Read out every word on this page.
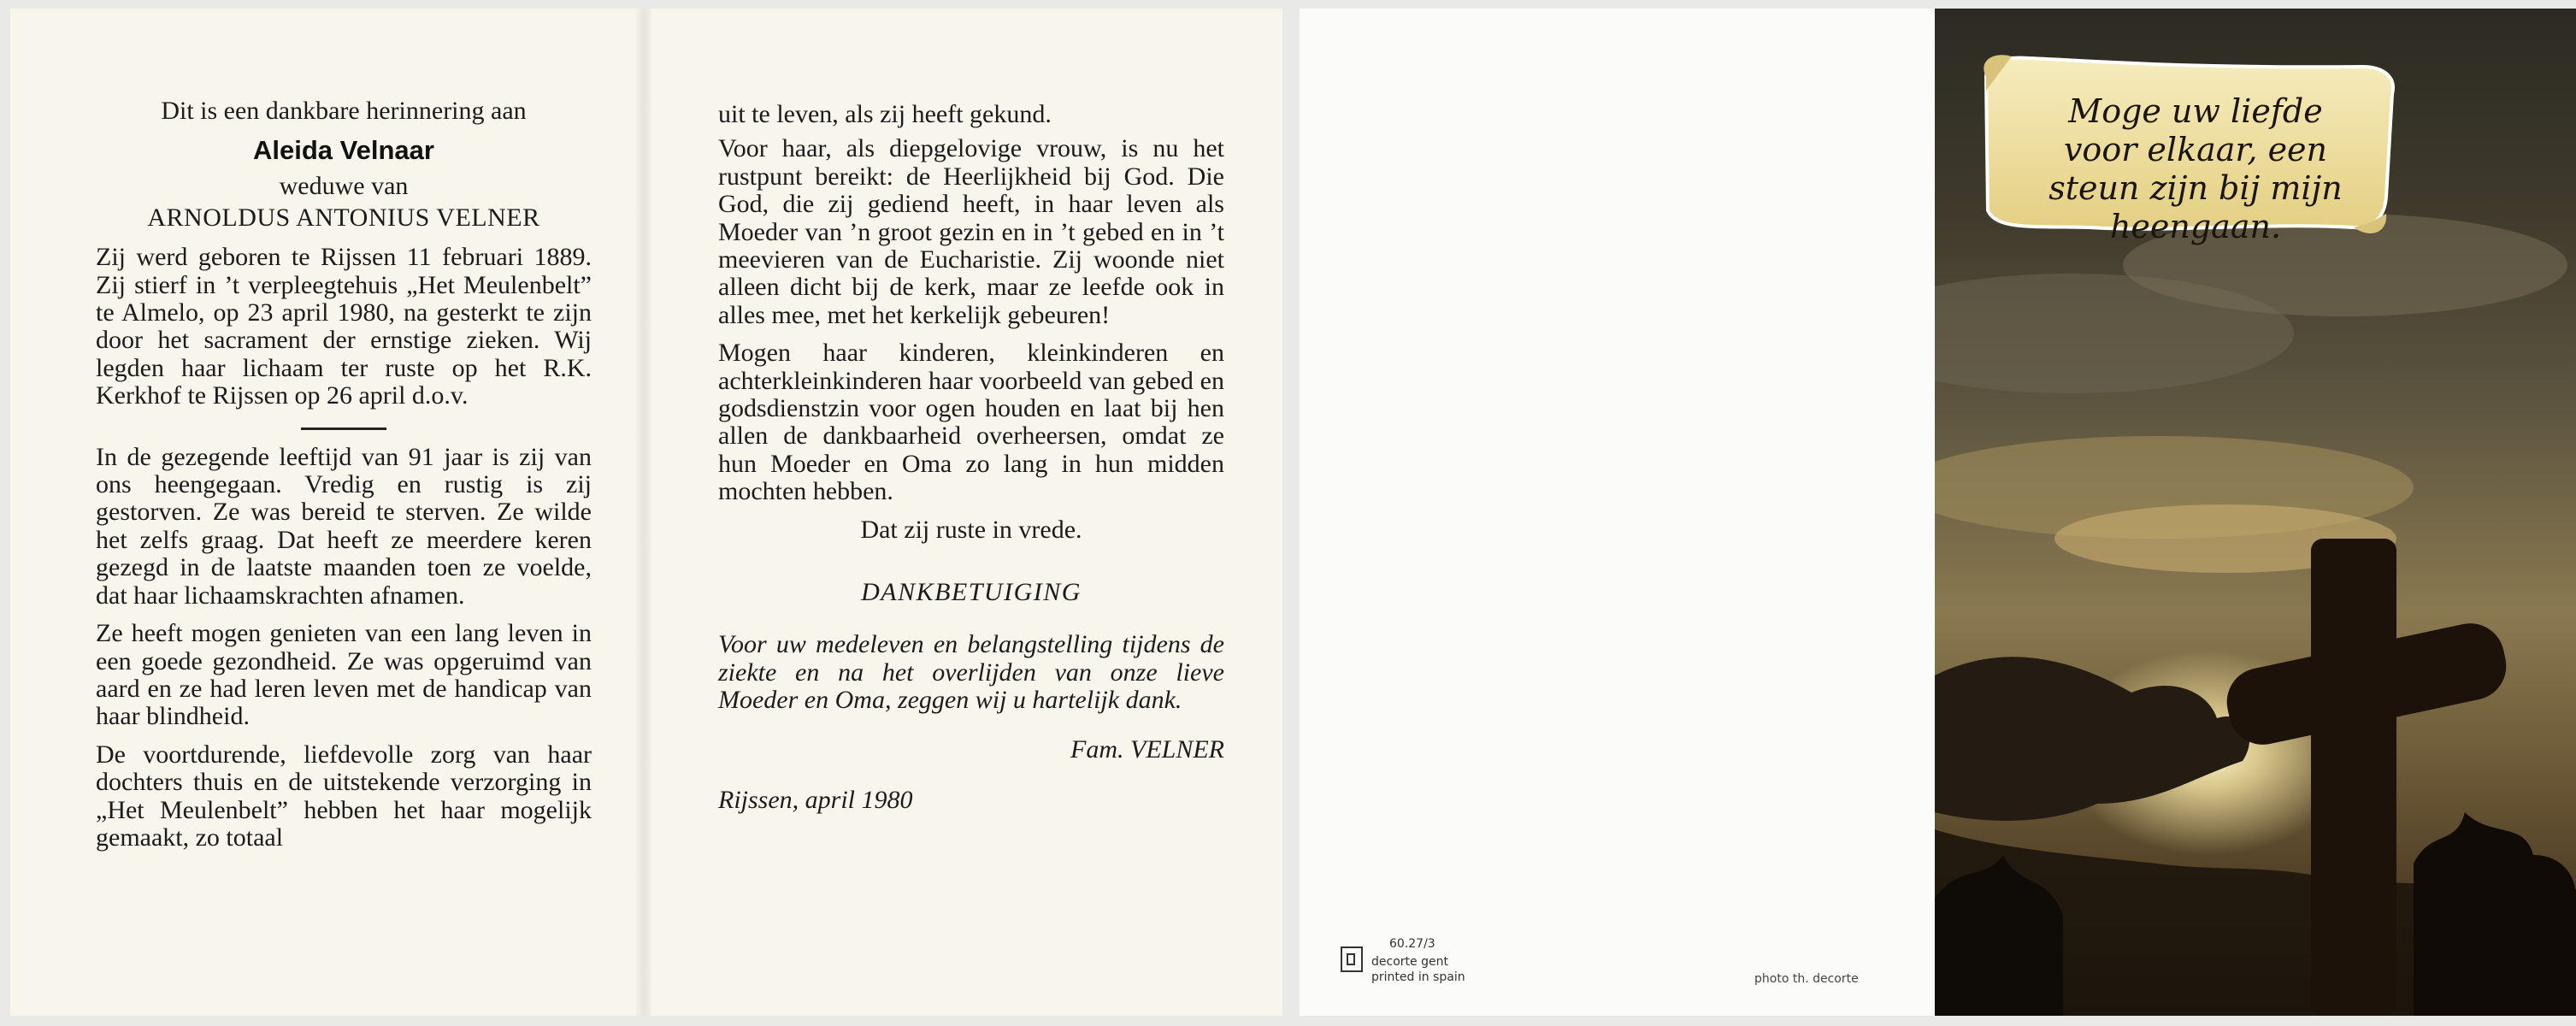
Dit is een dankbare herinnering aan

Aleida Velnaar

weduwe van

ARNOLDUS ANTONIUS VELNER

Zij werd geboren te Rijssen 11 februari 1889. Zij stierf in ’t verpleegtehuis „Het Meulenbelt” te Almelo, op 23 april 1980, na gesterkt te zijn door het sacrament der ernstige zieken. Wij legden haar lichaam ter ruste op het R.K. Kerkhof te Rijssen op 26 april d.o.v.

In de gezegende leeftijd van 91 jaar is zij van ons heengegaan. Vredig en rustig is zij gestorven. Ze was bereid te sterven. Ze wilde het zelfs graag. Dat heeft ze meerdere keren gezegd in de laatste maanden toen ze voelde, dat haar lichaamskrachten afnamen.

Ze heeft mogen genieten van een lang leven in een goede gezondheid. Ze was opgeruimd van aard en ze had leren leven met de handicap van haar blindheid.

De voortdurende, liefdevolle zorg van haar dochters thuis en de uitstekende verzorging in „Het Meulenbelt” hebben het haar mogelijk gemaakt, zo totaal

uit te leven, als zij heeft gekund.

Voor haar, als diepgelovige vrouw, is nu het rustpunt bereikt: de Heerlijkheid bij God. Die God, die zij gediend heeft, in haar leven als Moeder van ’n groot gezin en in ’t gebed en in ’t meevieren van de Eucharistie. Zij woonde niet alleen dicht bij de kerk, maar ze leefde ook in alles mee, met het kerkelijk gebeuren!

Mogen haar kinderen, kleinkinderen en achterkleinkinderen haar voorbeeld van gebed en godsdienstzin voor ogen houden en laat bij hen allen de dankbaarheid overheersen, omdat ze hun Moeder en Oma zo lang in hun midden mochten hebben.

Dat zij ruste in vrede.

DANKBETUIGING

Voor uw medeleven en belangstelling tijdens de ziekte en na het overlijden van onze lieve Moeder en Oma, zeggen wij u hartelijk dank.

Fam. VELNER

Rijssen, april 1980

60.27/3
decorte gent
printed in spain	photo th. decorte
Moge uw liefde voor elkaar, een steun zijn bij mijn heengaan.
